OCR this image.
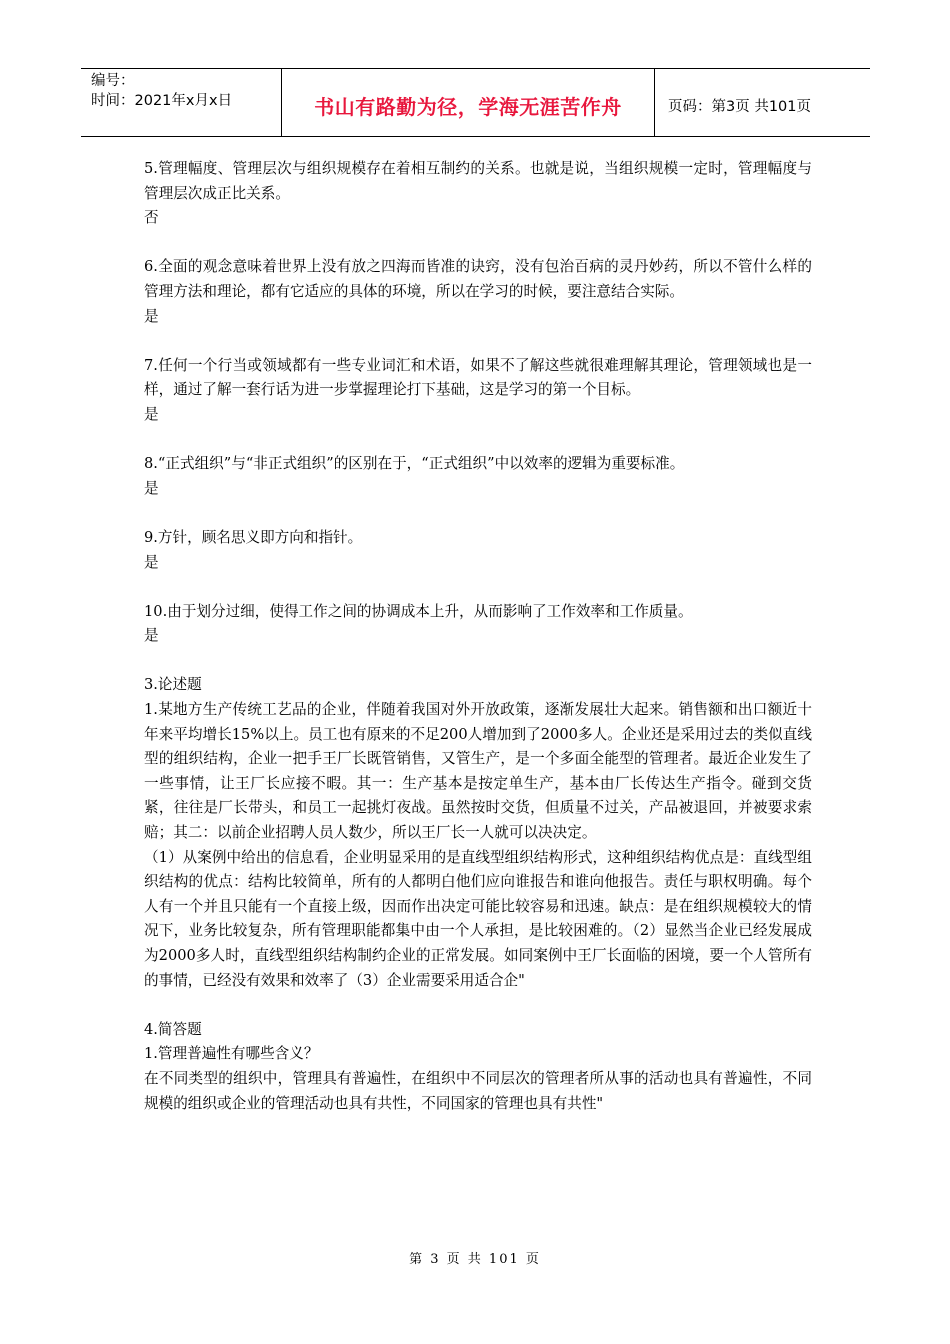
编号：
时间：2021年x月x日	书山有路勤为径，学海无涯苦作舟	页码：第3页 共101页

5.管理幅度、管理层次与组织规模存在着相互制约的关系。也就是说，当组织规模一定时，管理幅度与管理层次成正比关系。

否

6.全面的观念意味着世界上没有放之四海而皆准的诀窍，没有包治百病的灵丹妙药，所以不管什么样的管理方法和理论，都有它适应的具体的环境，所以在学习的时候，要注意结合实际。

是

7.任何一个行当或领域都有一些专业词汇和术语，如果不了解这些就很难理解其理论，管理领域也是一样，通过了解一套行话为进一步掌握理论打下基础，这是学习的第一个目标。

是

8.“正式组织”与“非正式组织”的区别在于，“正式组织”中以效率的逻辑为重要标准。

是

9.方针，顾名思义即方向和指针。

是

10.由于划分过细，使得工作之间的协调成本上升，从而影响了工作效率和工作质量。

是

3.论述题

1.某地方生产传统工艺品的企业，伴随着我国对外开放政策，逐渐发展壮大起来。销售额和出口额近十年来平均增长15%以上。员工也有原来的不足200人增加到了2000多人。企业还是采用过去的类似直线型的组织结构，企业一把手王厂长既管销售，又管生产，是一个多面全能型的管理者。最近企业发生了一些事情，让王厂长应接不暇。其一：生产基本是按定单生产，基本由厂长传达生产指令。碰到交货紧，往往是厂长带头，和员工一起挑灯夜战。虽然按时交货，但质量不过关，产品被退回，并被要求索赔；其二：以前企业招聘人员人数少，所以王厂长一人就可以决决定。

（1）从案例中给出的信息看，企业明显采用的是直线型组织结构形式，这种组织结构优点是：直线型组织结构的优点：结构比较简单，所有的人都明白他们应向谁报告和谁向他报告。责任与职权明确。每个人有一个并且只能有一个直接上级，因而作出决定可能比较容易和迅速。缺点：是在组织规模较大的情况下，业务比较复杂，所有管理职能都集中由一个人承担，是比较困难的。（2）显然当企业已经发展成为2000多人时，直线型组织结构制约企业的正常发展。如同案例中王厂长面临的困境，要一个人管所有的事情，已经没有效果和效率了（3）企业需要采用适合企"

4.简答题

1.管理普遍性有哪些含义？

在不同类型的组织中，管理具有普遍性，在组织中不同层次的管理者所从事的活动也具有普遍性，不同规模的组织或企业的管理活动也具有共性，不同国家的管理也具有共性"

第 3 页 共 101 页
